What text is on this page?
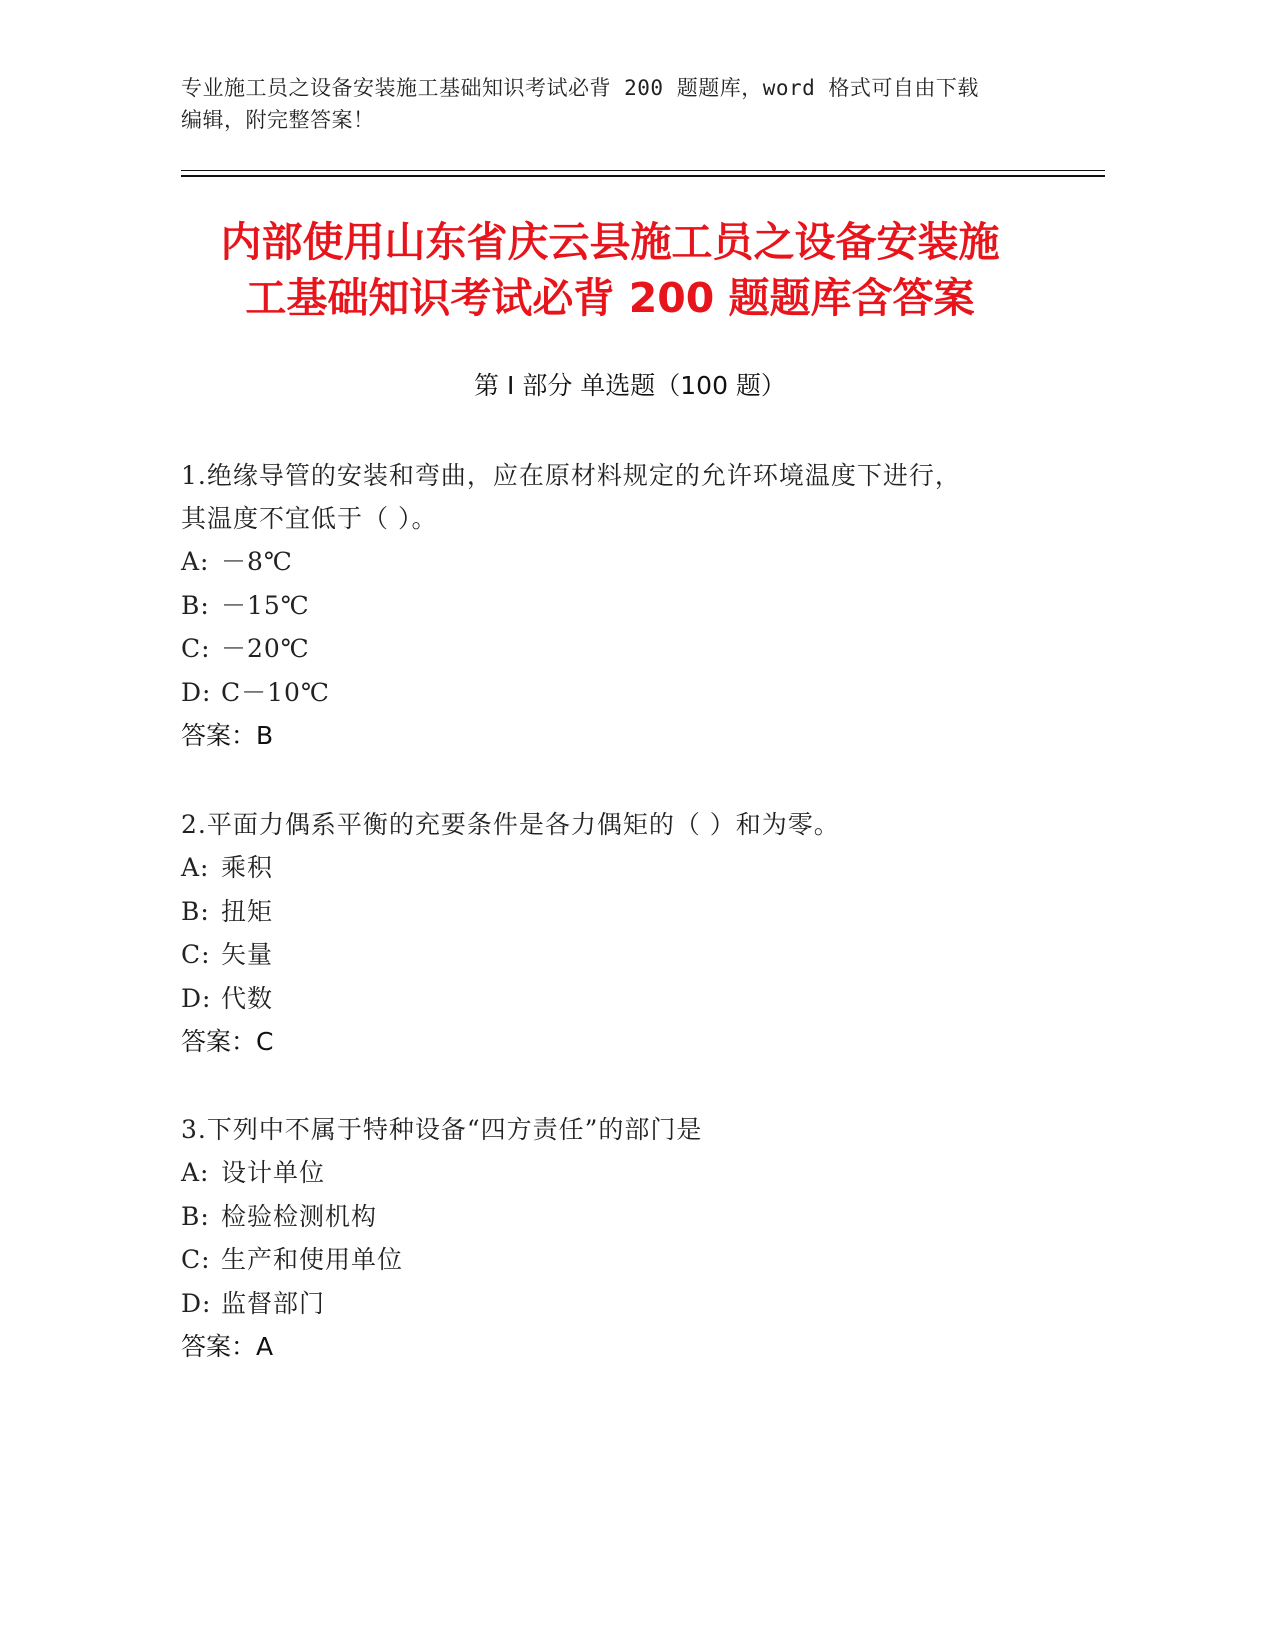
专业施工员之设备安装施工基础知识考试必背 200 题题库，word 格式可自由下载
编辑，附完整答案！
内部使用山东省庆云县施工员之设备安装施
工基础知识考试必背 200 题题库含答案
第 I 部分 单选题（100 题）

1.绝缘导管的安装和弯曲，应在原材料规定的允许环境温度下进行，

其温度不宜低于（ ）。

A: －8℃

B: －15℃

C: －20℃

D: C－10℃

答案：B

2.平面力偶系平衡的充要条件是各力偶矩的（ ）和为零。

A: 乘积

B: 扭矩

C: 矢量

D: 代数

答案：C

3.下列中不属于特种设备“四方责任”的部门是

A: 设计单位

B: 检验检测机构

C: 生产和使用单位

D: 监督部门

答案：A
